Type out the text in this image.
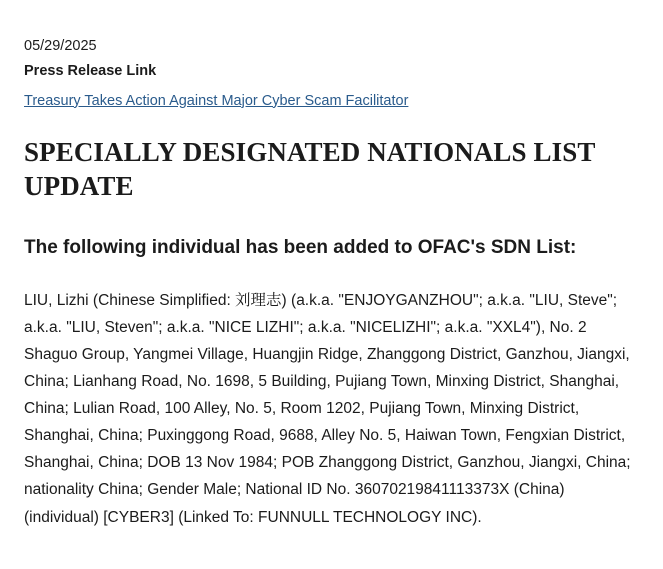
05/29/2025
Press Release Link
Treasury Takes Action Against Major Cyber Scam Facilitator
SPECIALLY DESIGNATED NATIONALS LIST UPDATE
The following individual has been added to OFAC's SDN List:

LIU, Lizhi (Chinese Simplified: 刘理志) (a.k.a. "ENJOYGANZHOU"; a.k.a. "LIU, Steve"; a.k.a. "LIU, Steven"; a.k.a. "NICE LIZHI"; a.k.a. "NICELIZHI"; a.k.a. "XXL4"), No. 2 Shaguo Group, Yangmei Village, Huangjin Ridge, Zhanggong District, Ganzhou, Jiangxi, China; Lianhang Road, No. 1698, 5 Building, Pujiang Town, Minxing District, Shanghai, China; Lulian Road, 100 Alley, No. 5, Room 1202, Pujiang Town, Minxing District, Shanghai, China; Puxinggong Road, 9688, Alley No. 5, Haiwan Town, Fengxian District, Shanghai, China; DOB 13 Nov 1984; POB Zhanggong District, Ganzhou, Jiangxi, China; nationality China; Gender Male; National ID No. 36070219841113373X (China) (individual) [CYBER3] (Linked To: FUNNULL TECHNOLOGY INC).
